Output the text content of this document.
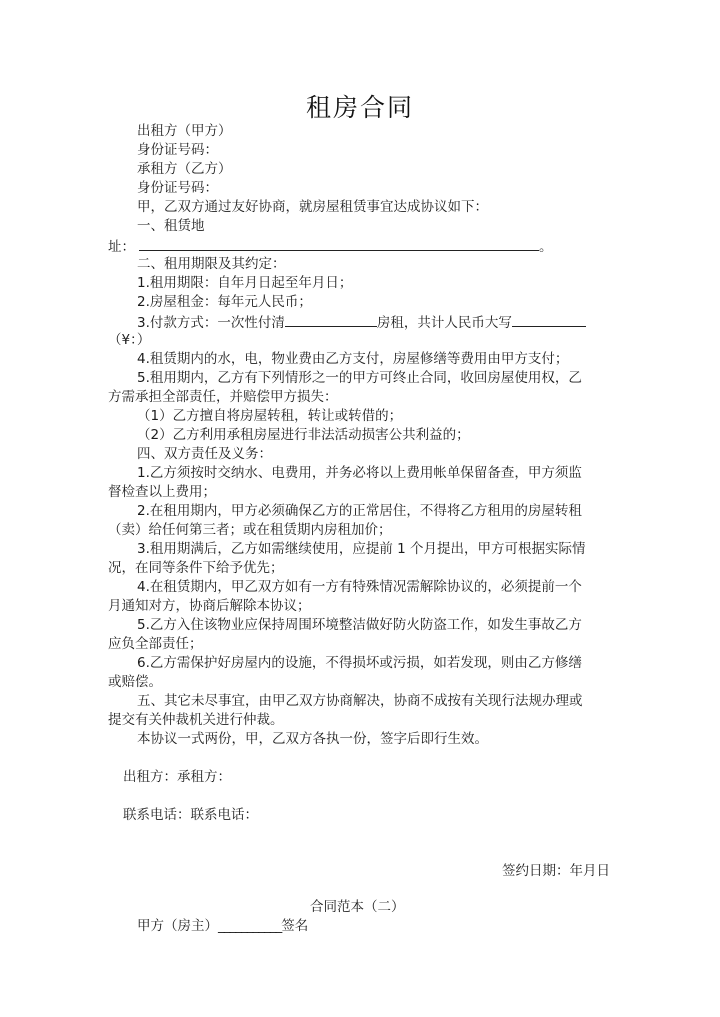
租房合同
出租方（甲方）
身份证号码：
承租方（乙方）
身份证号码：
甲，乙双方通过友好协商，就房屋租赁事宜达成协议如下：
一、租赁地
址：	。
二、租用期限及其约定：
1.租用期限：自年月日起至年月日；
2.房屋租金：每年元人民币；
3.付款方式：一次性付清	房租，共计人民币大写
（¥：）
4.租赁期内的水，电，物业费由乙方支付，房屋修缮等费用由甲方支付；
5.租用期内，乙方有下列情形之一的甲方可终止合同，收回房屋使用权，乙
方需承担全部责任，并赔偿甲方损失：
（1）乙方擅自将房屋转租，转让或转借的；
（2）乙方利用承租房屋进行非法活动损害公共利益的；
四、双方责任及义务：
1.乙方须按时交纳水、电费用，并务必将以上费用帐单保留备查，甲方须监
督检查以上费用；
2.在租用期内，甲方必须确保乙方的正常居住，不得将乙方租用的房屋转租
（卖）给任何第三者；或在租赁期内房租加价；
3.租用期满后，乙方如需继续使用，应提前 1 个月提出，甲方可根据实际情
况，在同等条件下给予优先；
4.在租赁期内，甲乙双方如有一方有特殊情况需解除协议的，必须提前一个
月通知对方，协商后解除本协议；
5.乙方入住该物业应保持周围环境整洁做好防火防盗工作，如发生事故乙方
应负全部责任；
6.乙方需保护好房屋内的设施，不得损坏或污损，如若发现，则由乙方修缮
或赔偿。
五、其它未尽事宜，由甲乙双方协商解决，协商不成按有关现行法规办理或
提交有关仲裁机关进行仲裁。
本协议一式两份，甲，乙双方各执一份，签字后即行生效。
出租方：承租方：
联系电话：联系电话：
签约日期：年月日
合同范本（二）
甲方（房主）___________签名
